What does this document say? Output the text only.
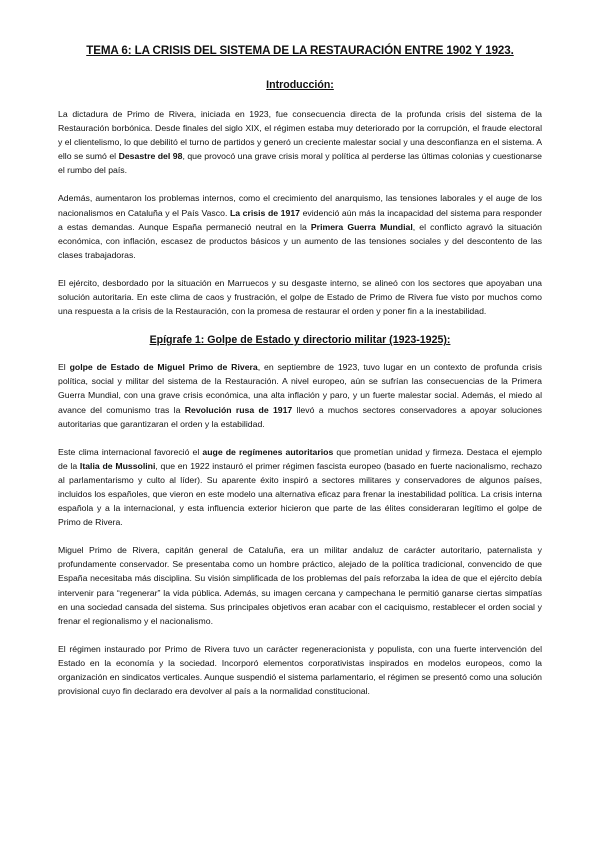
TEMA 6: LA CRISIS DEL SISTEMA DE LA RESTAURACIÓN ENTRE 1902 Y 1923.
Introducción:

La dictadura de Primo de Rivera, iniciada en 1923, fue consecuencia directa de la profunda crisis del sistema de la Restauración borbónica. Desde finales del siglo XIX, el régimen estaba muy deteriorado por la corrupción, el fraude electoral y el clientelismo, lo que debilitó el turno de partidos y generó un creciente malestar social y una desconfianza en el sistema. A ello se sumó el Desastre del 98, que provocó una grave crisis moral y política al perderse las últimas colonias y cuestionarse el rumbo del país.

Además, aumentaron los problemas internos, como el crecimiento del anarquismo, las tensiones laborales y el auge de los nacionalismos en Cataluña y el País Vasco. La crisis de 1917 evidenció aún más la incapacidad del sistema para responder a estas demandas. Aunque España permaneció neutral en la Primera Guerra Mundial, el conflicto agravó la situación económica, con inflación, escasez de productos básicos y un aumento de las tensiones sociales y del descontento de las clases trabajadoras.

El ejército, desbordado por la situación en Marruecos y su desgaste interno, se alineó con los sectores que apoyaban una solución autoritaria. En este clima de caos y frustración, el golpe de Estado de Primo de Rivera fue visto por muchos como una respuesta a la crisis de la Restauración, con la promesa de restaurar el orden y poner fin a la inestabilidad.

Epígrafe 1: Golpe de Estado y directorio militar (1923-1925):

El golpe de Estado de Miguel Primo de Rivera, en septiembre de 1923, tuvo lugar en un contexto de profunda crisis política, social y militar del sistema de la Restauración. A nivel europeo, aún se sufrían las consecuencias de la Primera Guerra Mundial, con una grave crisis económica, una alta inflación y paro, y un fuerte malestar social. Además, el miedo al avance del comunismo tras la Revolución rusa de 1917 llevó a muchos sectores conservadores a apoyar soluciones autoritarias que garantizaran el orden y la estabilidad.

Este clima internacional favoreció el auge de regímenes autoritarios que prometían unidad y firmeza. Destaca el ejemplo de la Italia de Mussolini, que en 1922 instauró el primer régimen fascista europeo (basado en fuerte nacionalismo, rechazo al parlamentarismo y culto al líder). Su aparente éxito inspiró a sectores militares y conservadores de algunos países, incluidos los españoles, que vieron en este modelo una alternativa eficaz para frenar la inestabilidad política. La crisis interna española y a la internacional, y esta influencia exterior hicieron que parte de las élites consideraran legítimo el golpe de Primo de Rivera.

Miguel Primo de Rivera, capitán general de Cataluña, era un militar andaluz de carácter autoritario, paternalista y profundamente conservador. Se presentaba como un hombre práctico, alejado de la política tradicional, convencido de que España necesitaba más disciplina. Su visión simplificada de los problemas del país reforzaba la idea de que el ejército debía intervenir para “regenerar” la vida pública. Además, su imagen cercana y campechana le permitió ganarse ciertas simpatías en una sociedad cansada del sistema. Sus principales objetivos eran acabar con el caciquismo, restablecer el orden social y frenar el regionalismo y el nacionalismo.

El régimen instaurado por Primo de Rivera tuvo un carácter regeneracionista y populista, con una fuerte intervención del Estado en la economía y la sociedad. Incorporó elementos corporativistas inspirados en modelos europeos, como la organización en sindicatos verticales. Aunque suspendió el sistema parlamentario, el régimen se presentó como una solución provisional cuyo fin declarado era devolver al país a la normalidad constitucional.
